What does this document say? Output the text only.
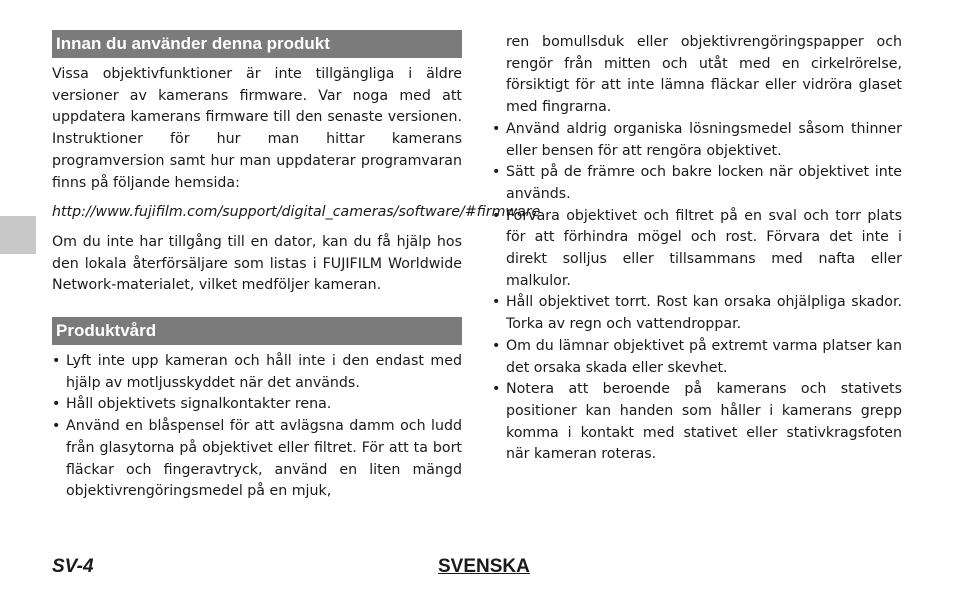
Innan du använder denna produkt

Vissa objektivfunktioner är inte tillgängliga i äldre versioner av kamerans firmware. Var noga med att uppdatera kamerans firmware till den senaste versionen. Instruktioner för hur man hittar kamerans programversion samt hur man uppdaterar programvaran finns på följande hemsida:

http://www.fujifilm.com/support/digital_cameras/software/#firmware

Om du inte har tillgång till en dator, kan du få hjälp hos den lokala återförsäljare som listas i FUJIFILM Worldwide Network-materialet, vilket medföljer kameran.

Produktvård
• Lyft inte upp kameran och håll inte i den endast med hjälp av motljusskyddet när det används.
• Håll objektivets signalkontakter rena.
• Använd en blåspensel för att avlägsna damm och ludd från glasytorna på objektivet eller filtret. För att ta bort fläckar och fingeravtryck, använd en liten mängd objektivrengöringsmedel på en mjuk,

ren bomullsduk eller objektivrengöringspapper och rengör från mitten och utåt med en cirkelrörelse, försiktigt för att inte lämna fläckar eller vidröra glaset med fingrarna.

• Använd aldrig organiska lösningsmedel såsom thinner eller bensen för att rengöra objektivet.
• Sätt på de främre och bakre locken när objektivet inte används.
• Förvara objektivet och filtret på en sval och torr plats för att förhindra mögel och rost. Förvara det inte i direkt solljus eller tillsammans med nafta eller malkulor.
• Håll objektivet torrt. Rost kan orsaka ohjälpliga skador. Torka av regn och vattendroppar.
• Om du lämnar objektivet på extremt varma platser kan det orsaka skada eller skevhet.
• Notera att beroende på kamerans och stativets positioner kan handen som håller i kamerans grepp komma i kontakt med stativet eller stativkragsfoten när kameran roteras.
SV-4	SVENSKA
